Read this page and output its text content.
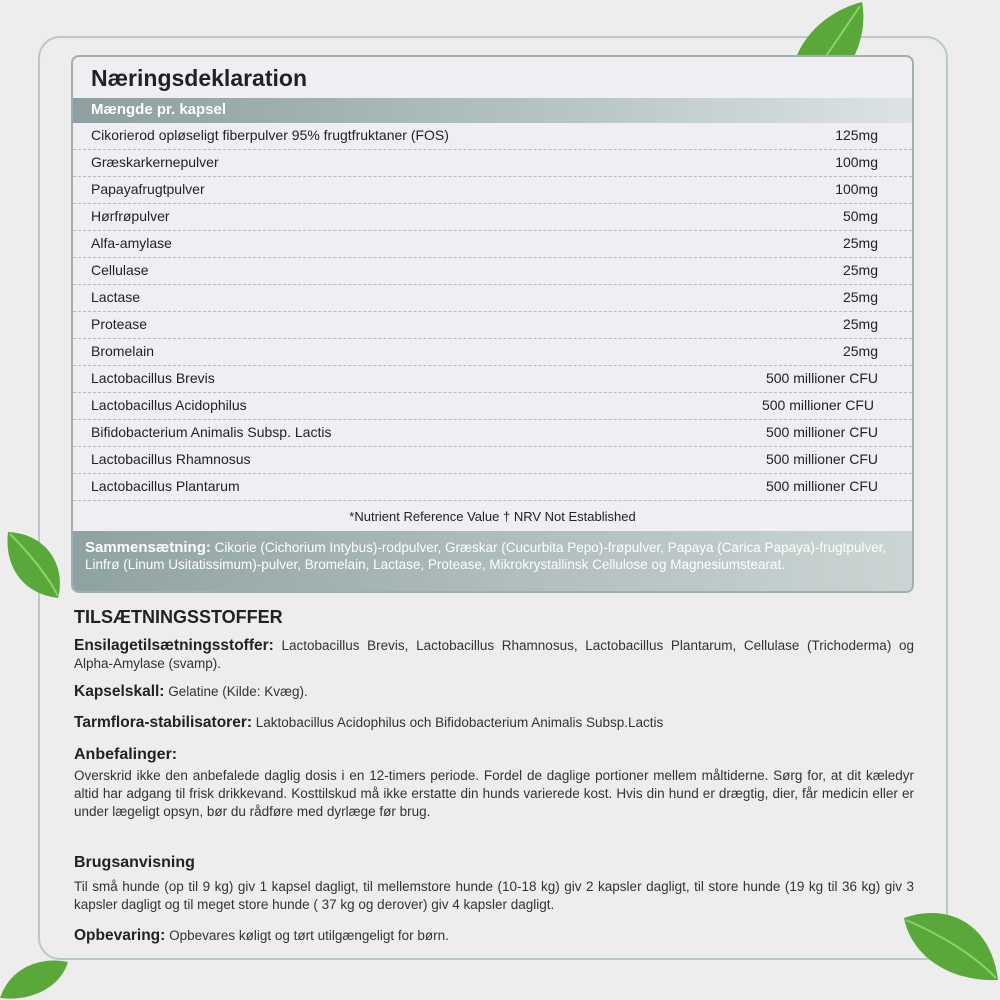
Næringsdeklaration
Mængde pr. kapsel
Cikorierod opløseligt fiberpulver 95% frugtfruktaner (FOS)	125mg
Græskarkernepulver	100mg
Papayafrugtpulver	100mg
Hørfrøpulver	50mg
Alfa-amylase	25mg
Cellulase	25mg
Lactase	25mg
Protease	25mg
Bromelain	25mg
Lactobacillus Brevis	500 millioner CFU
Lactobacillus Acidophilus	500 millioner CFU
Bifidobacterium Animalis Subsp. Lactis	500 millioner CFU
Lactobacillus Rhamnosus	500 millioner CFU
Lactobacillus Plantarum	500 millioner CFU
*Nutrient Reference Value † NRV Not Established
Sammensætning: Cikorie (Cichorium Intybus)-rodpulver, Græskar (Cucurbita Pepo)-frøpulver, Papaya (Carica Papaya)-frugtpulver, Linfrø (Linum Usitatissimum)-pulver, Bromelain, Lactase, Protease, Mikrokrystallinsk Cellulose og Magnesiumstearat.
TILSÆTNINGSSTOFFER
Ensilagetilsætningsstoffer: Lactobacillus Brevis, Lactobacillus Rhamnosus, Lactobacillus Plantarum, Cellulase (Trichoderma) og Alpha-Amylase (svamp).
Kapselskall: Gelatine (Kilde: Kvæg).
Tarmflora-stabilisatorer: Laktobacillus Acidophilus och Bifidobacterium Animalis Subsp.Lactis
Anbefalinger:
Overskrid ikke den anbefalede daglig dosis i en 12-timers periode. Fordel de daglige portioner mellem måltiderne. Sørg for, at dit kæledyr altid har adgang til frisk drikkevand. Kosttilskud må ikke erstatte din hunds varierede kost. Hvis din hund er drægtig, dier, får medicin eller er under lægeligt opsyn, bør du rådføre med dyrlæge før brug.
Brugsanvisning
Til små hunde (op til 9 kg) giv 1 kapsel dagligt, til mellemstore hunde (10-18 kg) giv 2 kapsler dagligt, til store hunde (19 kg til 36 kg) giv 3 kapsler dagligt og til meget store hunde ( 37 kg og derover) giv 4 kapsler dagligt.
Opbevaring: Opbevares køligt og tørt utilgængeligt for børn.
